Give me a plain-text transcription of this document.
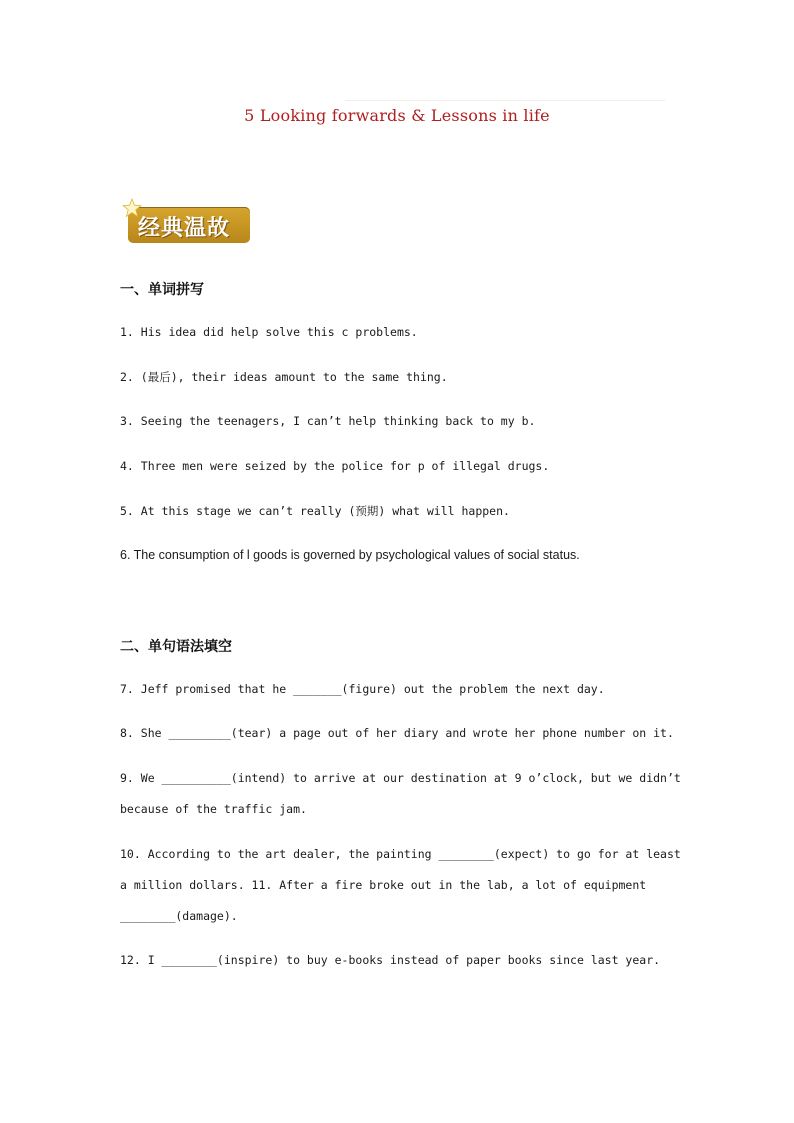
5 Looking forwards & Lessons in life
经典温故
一、单词拼写
1. His idea did help solve this c problems.
2. (最后), their ideas amount to the same thing.
3. Seeing the teenagers, I can’t help thinking back to my b.
4. Three men were seized by the police for p of illegal drugs.
5. At this stage we can’t really (预期) what will happen.
6. The consumption of l goods is governed by psychological values of social status.
二、单句语法填空
7. Jeff promised that he _______(figure) out the problem the next day.
8. She _________(tear) a page out of her diary and wrote her phone number on it.
9. We __________(intend) to arrive at our destination at 9 o’clock, but we didn’t
because of the traffic jam.
10. According to the art dealer, the painting ________(expect) to go for at least
a million dollars. 11. After a fire broke out in the lab, a lot of equipment
________(damage).
12. I ________(inspire) to buy e-books instead of paper books since last year.
